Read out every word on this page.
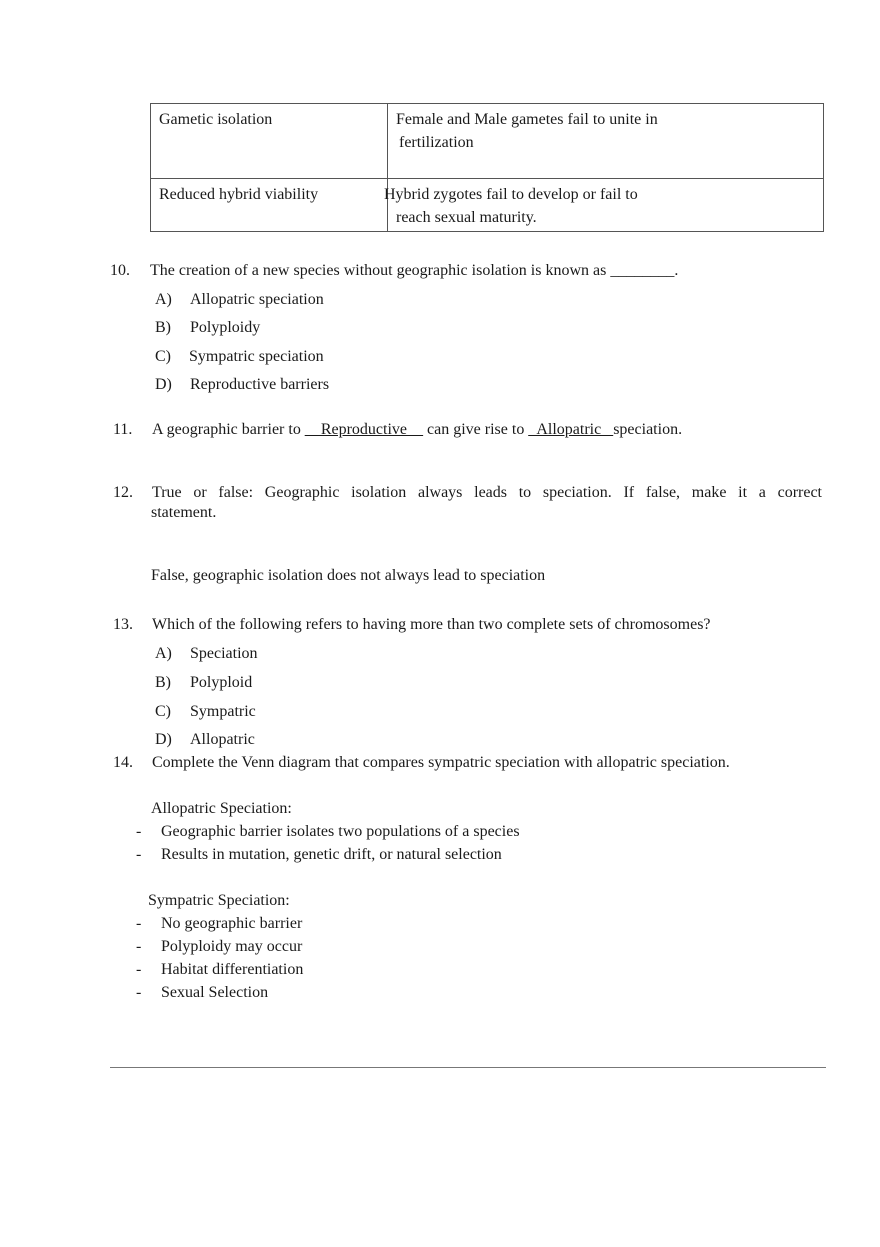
Gametic isolation	Female and Male gametes fail to unite in
fertilization

Reduced hybrid viability	Hybrid zygotes fail to develop or fail to
reach sexual maturity.
10. The creation of a new species without geographic isolation is known as ________.
A) Allopatric speciation
B) Polyploidy
C) Sympatric speciation
D) Reproductive barriers
11. A geographic barrier to __Reproductive__ can give rise to _Allopatric_ speciation.
12. True or false: Geographic isolation always leads to speciation. If false, make it a correct
statement.
False, geographic isolation does not always lead to speciation
13. Which of the following refers to having more than two complete sets of chromosomes?
A) Speciation
B) Polyploid
C) Sympatric
D) Allopatric
14. Complete the Venn diagram that compares sympatric speciation with allopatric speciation.
Allopatric Speciation:
- Geographic barrier isolates two populations of a species
- Results in mutation, genetic drift, or natural selection
Sympatric Speciation:
- No geographic barrier
- Polyploidy may occur
- Habitat differentiation
- Sexual Selection
